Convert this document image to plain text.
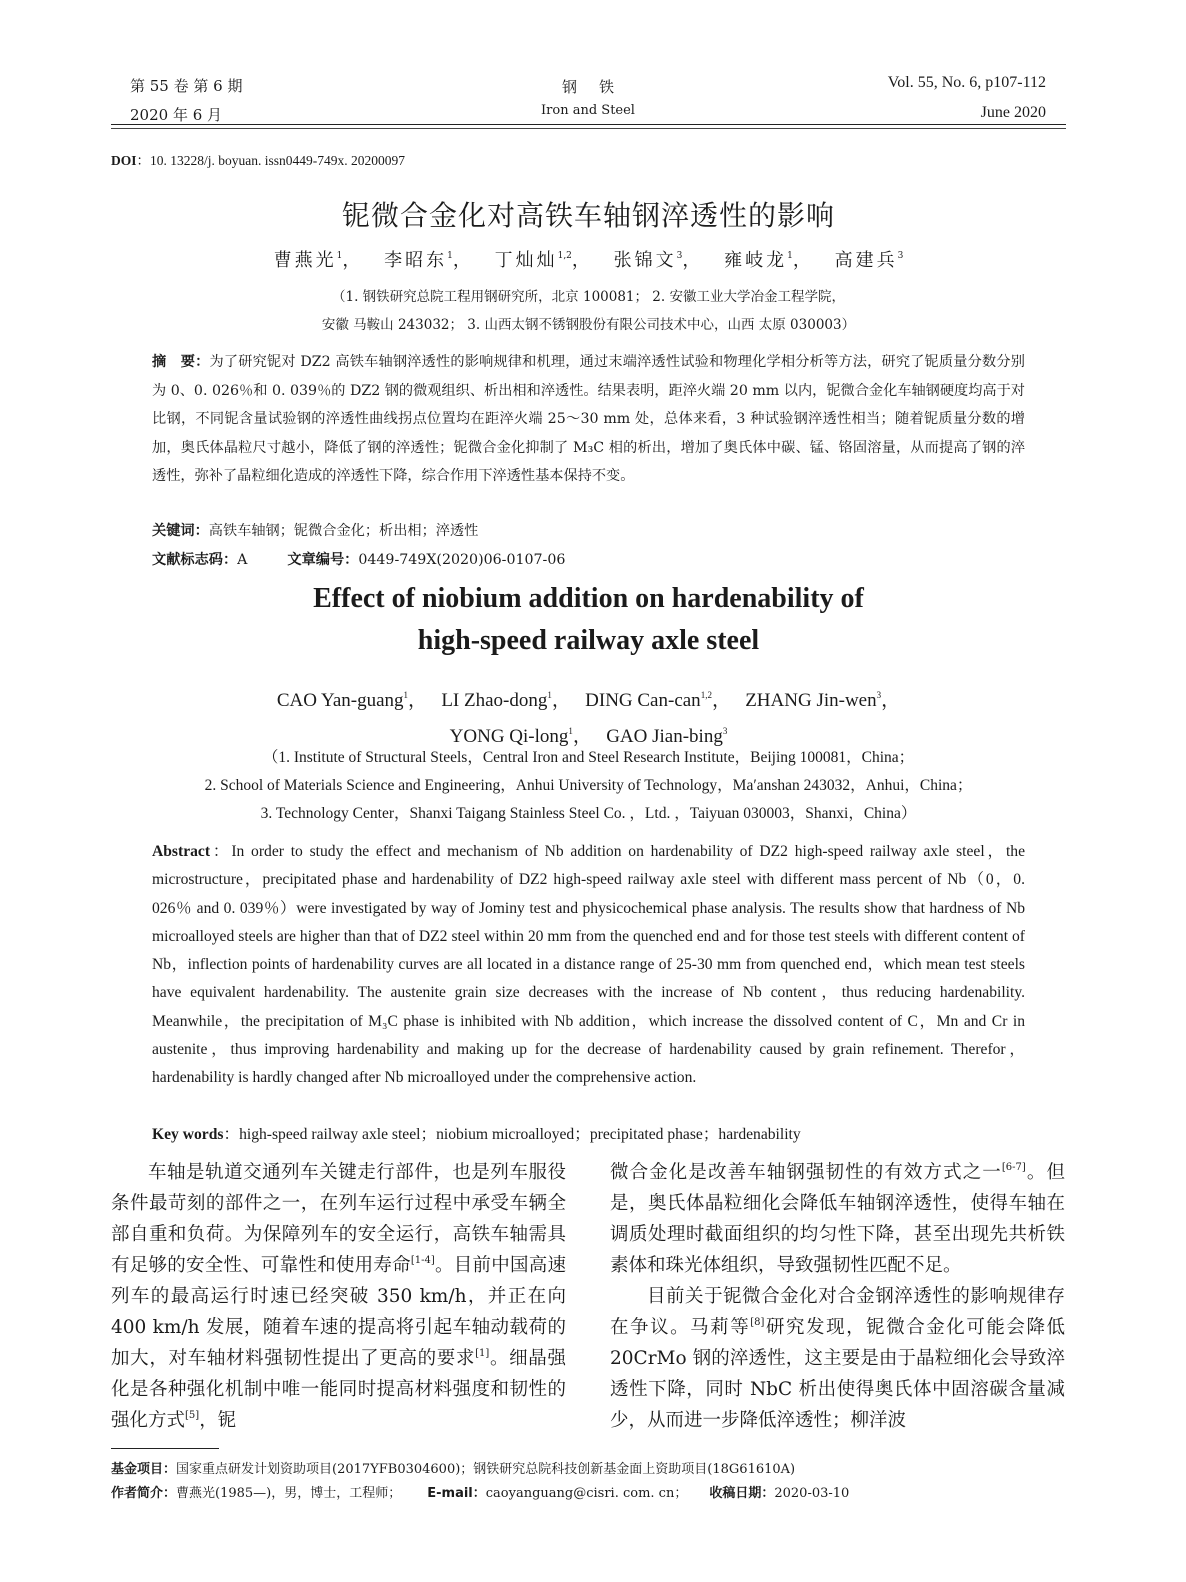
第 55 卷 第 6 期
2020 年 6 月
钢铁
Iron and Steel
Vol. 55, No. 6, p107-112
June 2020
DOI：10. 13228/j. boyuan. issn0449-749x. 20200097
铌微合金化对高铁车轴钢淬透性的影响
曹燕光$^1$，　 李昭东$^1$，　 丁灿灿$^{1,2}$，　 张锦文$^3$，　 雍岐龙$^1$，　 高建兵$^3$
（1. 钢铁研究总院工程用钢研究所，北京 100081； 2. 安徽工业大学冶金工程学院，
安徽 马鞍山 243032； 3. 山西太钢不锈钢股份有限公司技术中心，山西 太原 030003）
摘　要：为了研究铌对 DZ2 高铁车轴钢淬透性的影响规律和机理，通过末端淬透性试验和物理化学相分析等方法，研究了铌质量分数分别为 0、0. 026％和 0. 039％的 DZ2 钢的微观组织、析出相和淬透性。结果表明，距淬火端 20 mm 以内，铌微合金化车轴钢硬度均高于对比钢，不同铌含量试验钢的淬透性曲线拐点位置均在距淬火端 25～30 mm 处，总体来看，3 种试验钢淬透性相当；随着铌质量分数的增加，奥氏体晶粒尺寸越小，降低了钢的淬透性；铌微合金化抑制了 M₃C 相的析出，增加了奥氏体中碳、锰、铬固溶量，从而提高了钢的淬透性，弥补了晶粒细化造成的淬透性下降，综合作用下淬透性基本保持不变。
关键词：高铁车轴钢；铌微合金化；析出相；淬透性
文献标志码：A	文章编号：0449-749X(2020)06-0107-06
Effect of niobium addition on hardenability of
high-speed railway axle steel
CAO Yan-guang$^1$，   LI Zhao-dong$^1$，   DING Can-can$^{1,2}$，   ZHANG Jin-wen$^3$，
YONG Qi-long$^1$，   GAO Jian-bing$^3$
（1. Institute of Structural Steels，Central Iron and Steel Research Institute，Beijing 100081，China；
2. School of Materials Science and Engineering，Anhui University of Technology，Ma′anshan 243032，Anhui，China；
3. Technology Center，Shanxi Taigang Stainless Steel Co. ，Ltd. ，Taiyuan 030003，Shanxi，China）
Abstract：In order to study the effect and mechanism of Nb addition on hardenability of DZ2 high-speed railway axle steel，the microstructure，precipitated phase and hardenability of DZ2 high-speed railway axle steel with different mass percent of Nb（0，0. 026％ and 0. 039％）were investigated by way of Jominy test and physicochemical phase analysis. The results show that hardness of Nb microalloyed steels are higher than that of DZ2 steel within 20 mm from the quenched end and for those test steels with different content of Nb，inflection points of hardenability curves are all located in a distance range of 25-30 mm from quenched end，which mean test steels have equivalent hardenability. The austenite grain size decreases with the increase of Nb content，thus reducing hardenability. Meanwhile，the precipitation of M₃C phase is inhibited with Nb addition，which increase the dissolved content of C，Mn and Cr in austenite，thus improving hardenability and making up for the decrease of hardenability caused by grain refinement. Therefor，hardenability is hardly changed after Nb microalloyed under the comprehensive action.
Key words：high-speed railway axle steel；niobium microalloyed；precipitated phase；hardenability

车轴是轨道交通列车关键走行部件，也是列车服役条件最苛刻的部件之一，在列车运行过程中承受车辆全部自重和负荷。为保障列车的安全运行，高铁车轴需具有足够的安全性、可靠性和使用寿命[1-4]。目前中国高速列车的最高运行时速已经突破 350 km/h，并正在向 400 km/h 发展，随着车速的提高将引起车轴动载荷的加大，对车轴材料强韧性提出了更高的要求[1]。细晶强化是各种强化机制中唯一能同时提高材料强度和韧性的强化方式[5]，铌

微合金化是改善车轴钢强韧性的有效方式之一[6-7]。但是，奥氏体晶粒细化会降低车轴钢淬透性，使得车轴在调质处理时截面组织的均匀性下降，甚至出现先共析铁素体和珠光体组织，导致强韧性匹配不足。

目前关于铌微合金化对合金钢淬透性的影响规律存在争议。马莉等[8]研究发现，铌微合金化可能会降低 20CrMo 钢的淬透性，这主要是由于晶粒细化会导致淬透性下降，同时 NbC 析出使得奥氏体中固溶碳含量减少，从而进一步降低淬透性；柳洋波

基金项目：国家重点研发计划资助项目(2017YFB0304600)；钢铁研究总院科技创新基金面上资助项目(18G61610A)
作者简介：曹燕光(1985—)，男，博士，工程师； E-mail：caoyanguang@cisri. com. cn； 收稿日期：2020-03-10
